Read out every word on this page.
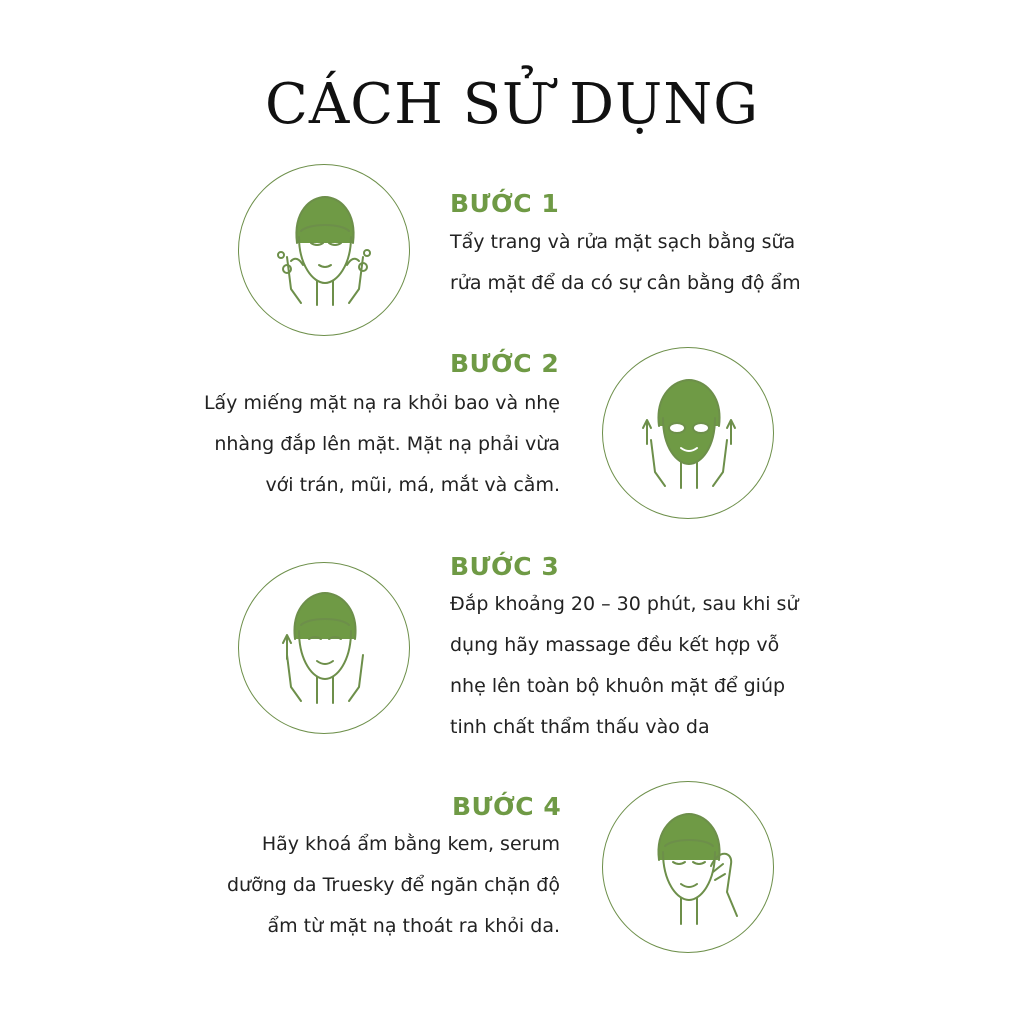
CÁCH SỬ DỤNG
BƯỚC 1
Tẩy trang và rửa mặt sạch bằng sữa
rửa mặt để da có sự cân bằng độ ẩm
BƯỚC 2
Lấy miếng mặt nạ ra khỏi bao và nhẹ
nhàng đắp lên mặt. Mặt nạ phải vừa
với trán, mũi, má, mắt và cằm.
BƯỚC 3
Đắp khoảng 20 – 30 phút, sau khi sử
dụng hãy massage đều kết hợp vỗ
nhẹ lên toàn bộ khuôn mặt để giúp
tinh chất thẩm thấu vào da
BƯỚC 4
Hãy khoá ẩm bằng kem, serum
dưỡng da Truesky để ngăn chặn độ
ẩm từ mặt nạ thoát ra khỏi da.
